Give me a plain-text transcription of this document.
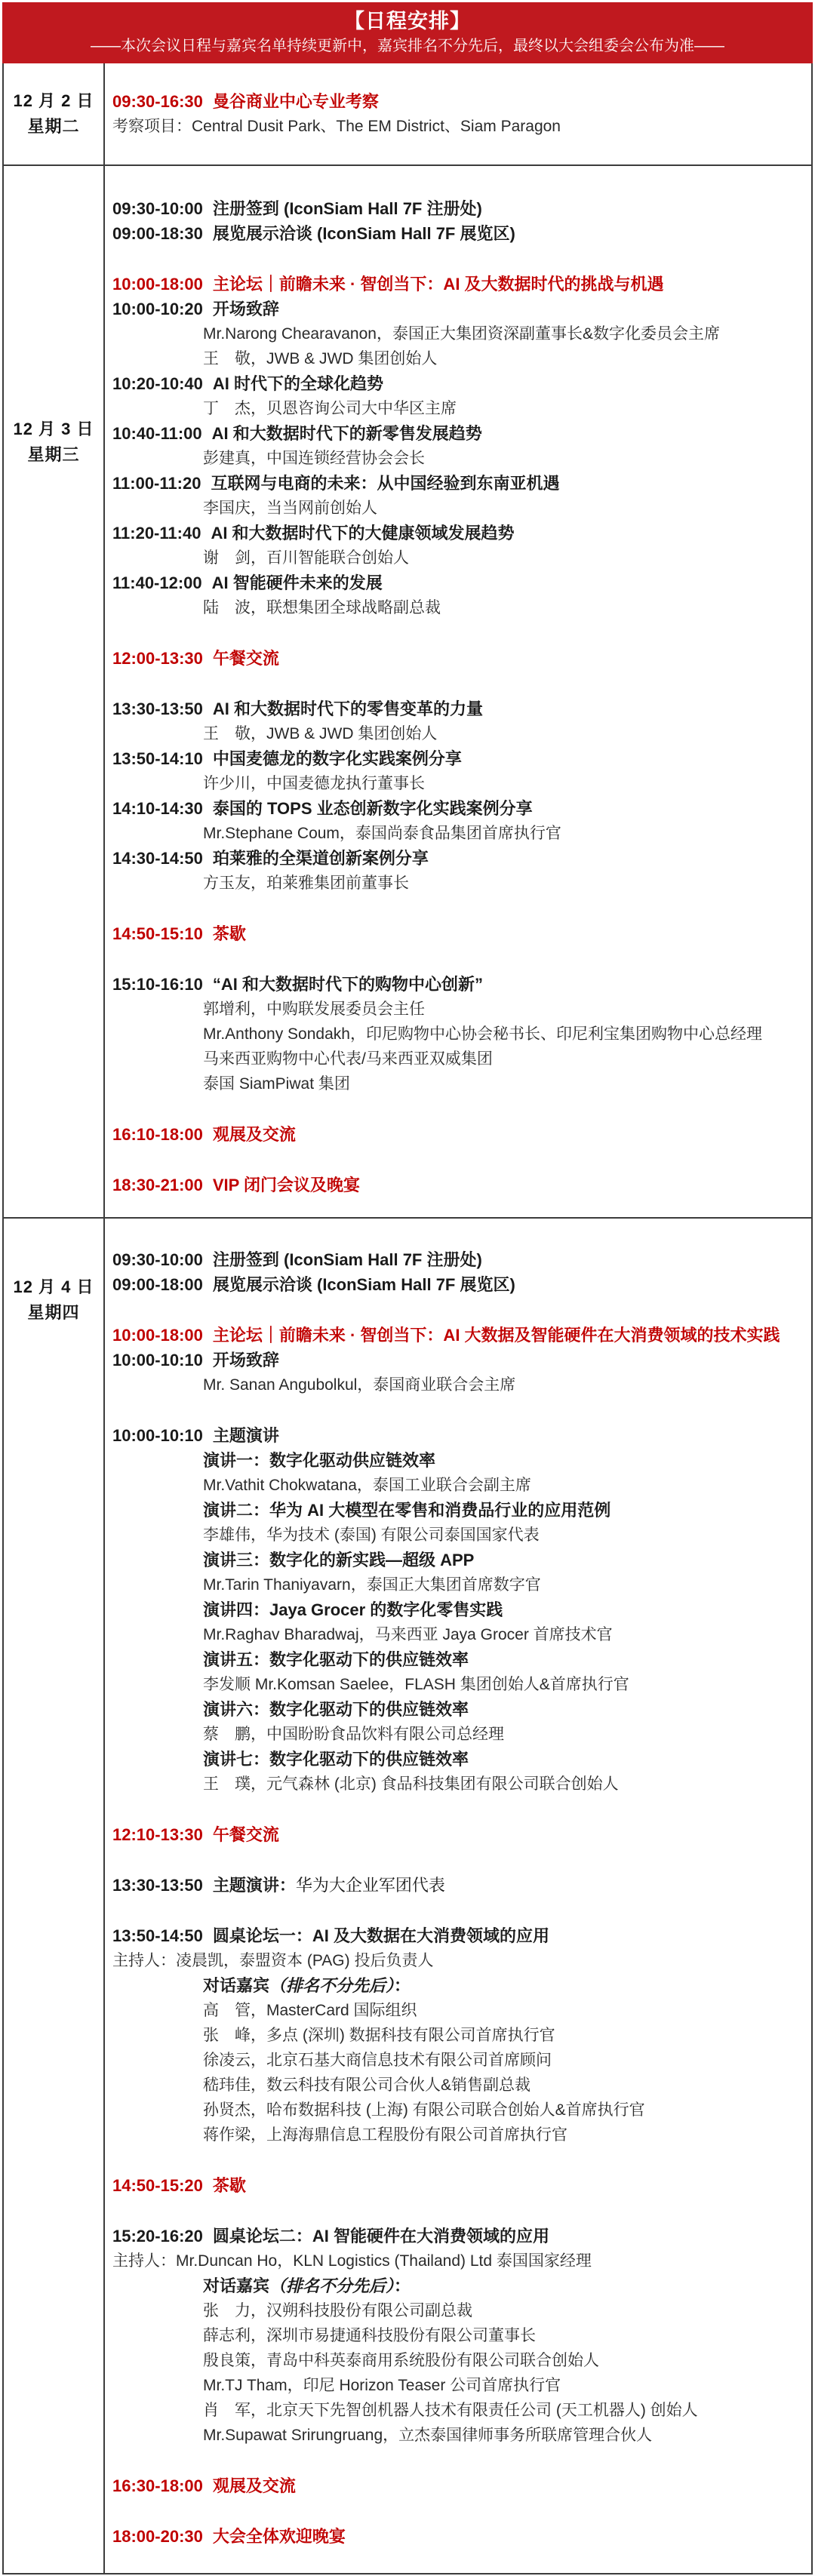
【日程安排】
——本次会议日程与嘉宾名单持续更新中，嘉宾排名不分先后，最终以大会组委会公布为准——
12 月 2 日
星期二
09:30-16:30 曼谷商业中心专业考察
考察项目：Central Dusit Park、The EM District、Siam Paragon
12 月 3 日
星期三
09:30-10:00 注册签到 (IconSiam Hall 7F 注册处)
09:00-18:30 展览展示洽谈 (IconSiam Hall 7F 展览区)
10:00-18:00 主论坛｜前瞻未来 · 智创当下：AI 及大数据时代的挑战与机遇
10:00-10:20 开场致辞
Mr.Narong Chearavanon，泰国正大集团资深副董事长&数字化委员会主席
王　敬，JWB & JWD 集团创始人
10:20-10:40 AI 时代下的全球化趋势
丁　杰，贝恩咨询公司大中华区主席
10:40-11:00 AI 和大数据时代下的新零售发展趋势
彭建真，中国连锁经营协会会长
11:00-11:20 互联网与电商的未来：从中国经验到东南亚机遇
李国庆，当当网前创始人
11:20-11:40 AI 和大数据时代下的大健康领域发展趋势
谢　剑，百川智能联合创始人
11:40-12:00 AI 智能硬件未来的发展
陆　波，联想集团全球战略副总裁
12:00-13:30 午餐交流
13:30-13:50 AI 和大数据时代下的零售变革的力量
王　敬，JWB & JWD 集团创始人
13:50-14:10 中国麦德龙的数字化实践案例分享
许少川，中国麦德龙执行董事长
14:10-14:30 泰国的 TOPS 业态创新数字化实践案例分享
Mr.Stephane Coum，泰国尚泰食品集团首席执行官
14:30-14:50 珀莱雅的全渠道创新案例分享
方玉友，珀莱雅集团前董事长
14:50-15:10 茶歇
15:10-16:10 “AI 和大数据时代下的购物中心创新”
郭增利，中购联发展委员会主任
Mr.Anthony Sondakh，印尼购物中心协会秘书长、印尼利宝集团购物中心总经理
马来西亚购物中心代表/马来西亚双威集团
泰国 SiamPiwat 集团
16:10-18:00 观展及交流
18:30-21:00 VIP 闭门会议及晚宴
12 月 4 日
星期四
09:30-10:00 注册签到 (IconSiam Hall 7F 注册处)
09:00-18:00 展览展示洽谈 (IconSiam Hall 7F 展览区)
10:00-18:00 主论坛｜前瞻未来 · 智创当下：AI 大数据及智能硬件在大消费领域的技术实践
10:00-10:10 开场致辞
Mr. Sanan Angubolkul，泰国商业联合会主席
10:00-10:10 主题演讲
演讲一：数字化驱动供应链效率
Mr.Vathit Chokwatana，泰国工业联合会副主席
演讲二：华为 AI 大模型在零售和消费品行业的应用范例
李雄伟，华为技术 (泰国) 有限公司泰国国家代表
演讲三：数字化的新实践—超级 APP
Mr.Tarin Thaniyavarn，泰国正大集团首席数字官
演讲四：Jaya Grocer 的数字化零售实践
Mr.Raghav Bharadwaj，马来西亚 Jaya Grocer 首席技术官
演讲五：数字化驱动下的供应链效率
李发顺 Mr.Komsan Saelee，FLASH 集团创始人&首席执行官
演讲六：数字化驱动下的供应链效率
蔡　鹏，中国盼盼食品饮料有限公司总经理
演讲七：数字化驱动下的供应链效率
王　璞，元气森林 (北京) 食品科技集团有限公司联合创始人
12:10-13:30 午餐交流
13:30-13:50 主题演讲：华为大企业军团代表
13:50-14:50 圆桌论坛一：AI 及大数据在大消费领域的应用
主持人：凌晨凯，泰盟资本 (PAG) 投后负责人
对话嘉宾（排名不分先后）：
高　管，MasterCard 国际组织
张　峰，多点 (深圳) 数据科技有限公司首席执行官
徐凌云，北京石基大商信息技术有限公司首席顾问
嵇玮佳，数云科技有限公司合伙人&销售副总裁
孙贤杰，哈布数据科技 (上海) 有限公司联合创始人&首席执行官
蒋作梁，上海海鼎信息工程股份有限公司首席执行官
14:50-15:20 茶歇
15:20-16:20 圆桌论坛二：AI 智能硬件在大消费领域的应用
主持人：Mr.Duncan Ho，KLN Logistics (Thailand) Ltd 泰国国家经理
对话嘉宾（排名不分先后）：
张　力，汉朔科技股份有限公司副总裁
薛志利，深圳市易捷通科技股份有限公司董事长
殷良策，青岛中科英泰商用系统股份有限公司联合创始人
Mr.TJ Tham，印尼 Horizon Teaser 公司首席执行官
肖　军，北京天下先智创机器人技术有限责任公司 (天工机器人) 创始人
Mr.Supawat Srirungruang，立杰泰国律师事务所联席管理合伙人
16:30-18:00 观展及交流
18:00-20:30 大会全体欢迎晚宴
